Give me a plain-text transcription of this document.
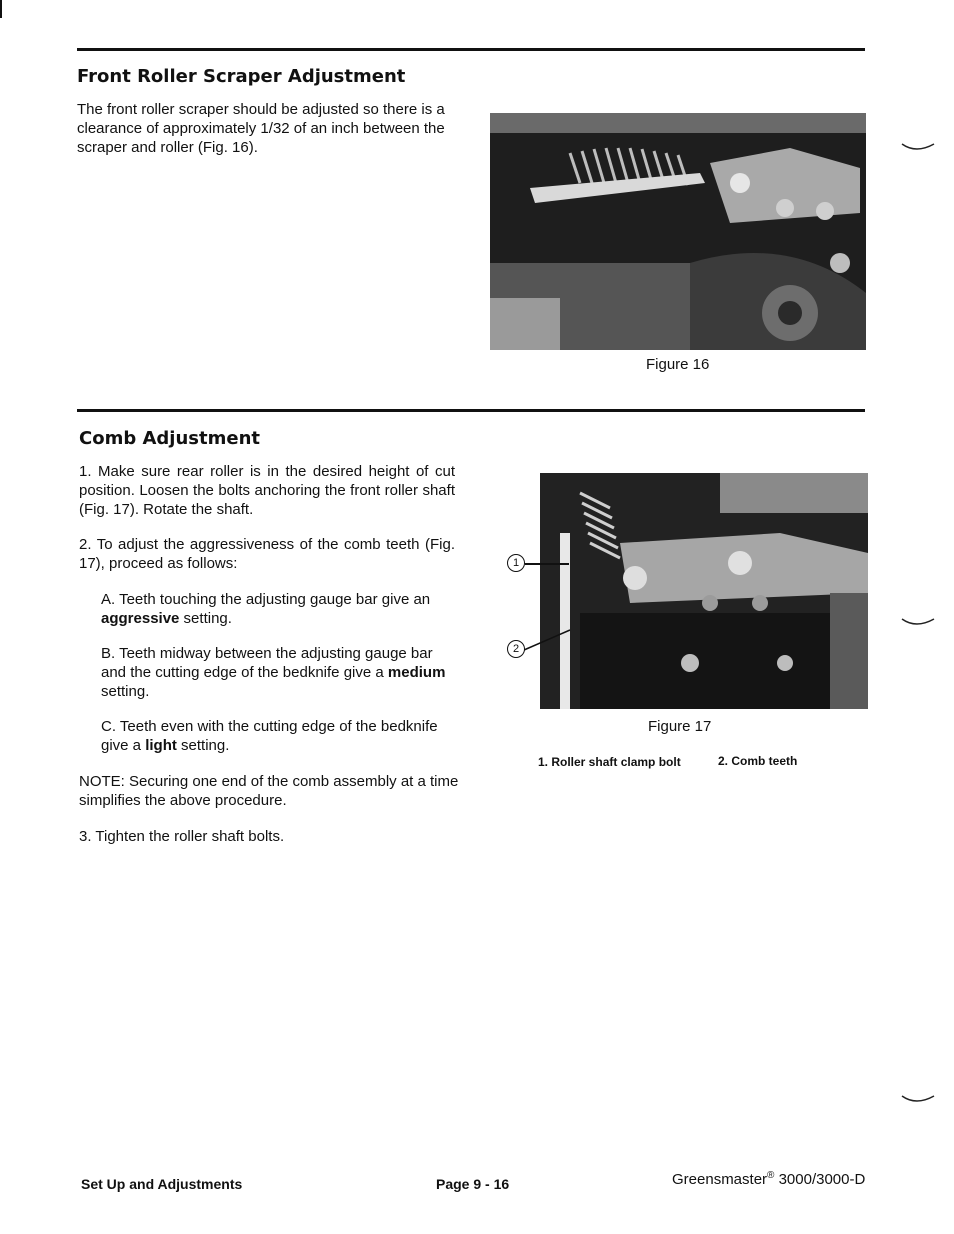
Front Roller Scraper Adjustment

The front roller scraper should be adjusted so there is a clearance of approximately 1/32 of an inch between the scraper and roller (Fig. 16).

Figure 16
Comb Adjustment

1. Make sure rear roller is in the desired height of cut position. Loosen the bolts anchoring the front roller shaft (Fig. 17). Rotate the shaft.

2. To adjust the aggressiveness of the comb teeth (Fig. 17), proceed as follows:

A. Teeth touching the adjusting gauge bar give an aggressive setting.

B. Teeth midway between the adjusting gauge bar and the cutting edge of the bedknife give a medium setting.

C. Teeth even with the cutting edge of the bedknife give a light setting.

NOTE: Securing one end of the comb assembly at a time simplifies the above procedure.

3. Tighten the roller shaft bolts.

1
2
Figure 17
1. Roller shaft clamp bolt	2. Comb teeth
Set Up and Adjustments	Page 9 - 16	Greensmaster® 3000/3000-D
